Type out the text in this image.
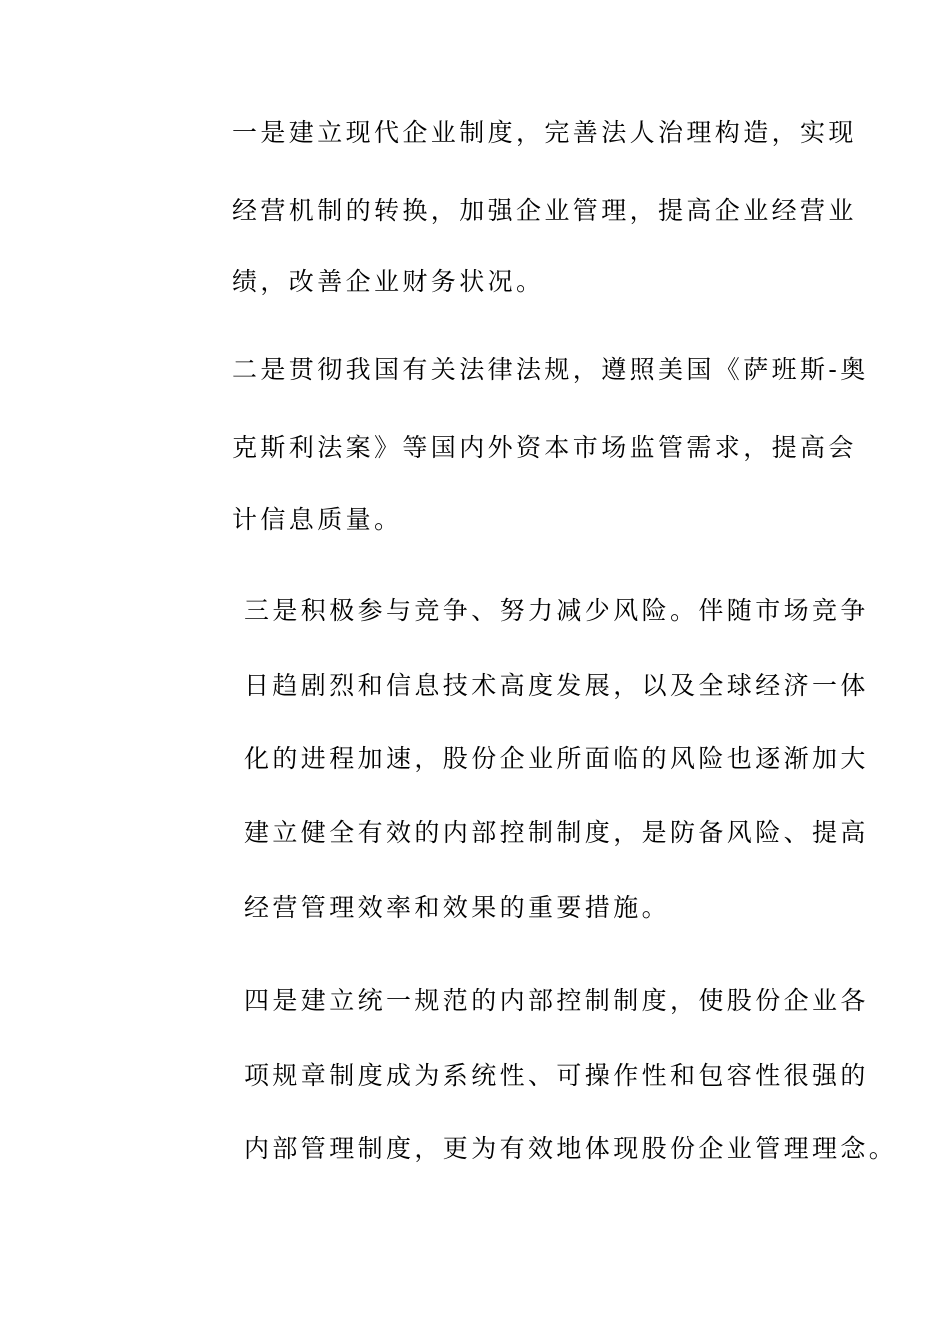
一是建立现代企业制度，完善法人治理构造，实现
经营机制的转换，加强企业管理，提高企业经营业
绩，改善企业财务状况。
二是贯彻我国有关法律法规，遵照美国《萨班斯-奥
克斯利法案》等国内外资本市场监管需求，提高会
计信息质量。
三是积极参与竞争、努力减少风险。伴随市场竞争
日趋剧烈和信息技术高度发展，以及全球经济一体
化的进程加速，股份企业所面临的风险也逐渐加大
建立健全有效的内部控制制度，是防备风险、提高
经营管理效率和效果的重要措施。
四是建立统一规范的内部控制制度，使股份企业各
项规章制度成为系统性、可操作性和包容性很强的
内部管理制度，更为有效地体现股份企业管理理念。
